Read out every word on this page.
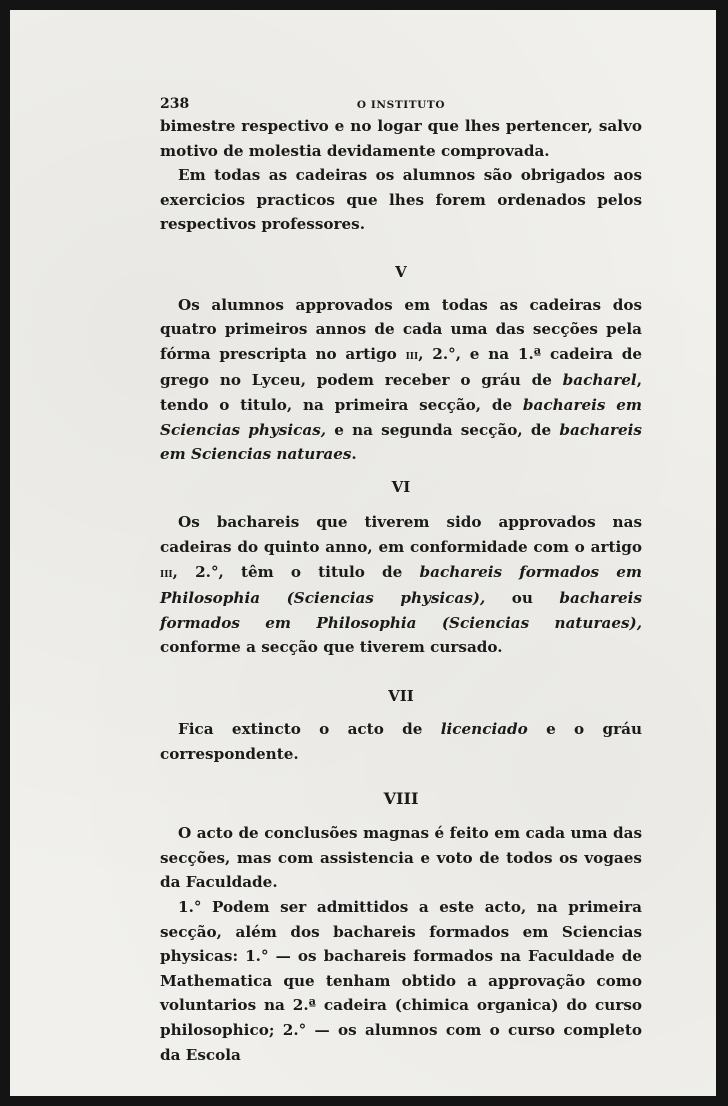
238	O INSTITUTO

bimestre respectivo e no logar que lhes pertencer, salvo motivo de molestia devidamente comprovada.

Em todas as cadeiras os alumnos são obrigados aos exercicios practicos que lhes forem ordenados pelos respectivos professores.

V

Os alumnos approvados em todas as cadeiras dos quatro primeiros annos de cada uma das secções pela fórma prescripta no artigo iii, 2.°, e na 1.ª cadeira de grego no Lyceu, podem receber o gráu de bacharel, tendo o titulo, na primeira secção, de bachareis em Sciencias physicas, e na segunda secção, de bachareis em Sciencias naturaes.

VI

Os bachareis que tiverem sido approvados nas cadeiras do quinto anno, em conformidade com o artigo iii, 2.°, têm o titulo de bachareis formados em Philosophia (Sciencias physicas), ou bachareis formados em Philosophia (Sciencias naturaes), conforme a secção que tiverem cursado.

VII

Fica extincto o acto de licenciado e o gráu correspondente.

VIII

O acto de conclusões magnas é feito em cada uma das secções, mas com assistencia e voto de todos os vogaes da Faculdade.

1.° Podem ser admittidos a este acto, na primeira secção, além dos bachareis formados em Sciencias physicas: 1.° — os bachareis formados na Faculdade de Mathematica que tenham obtido a approvação como voluntarios na 2.ª cadeira (chimica organica) do curso philosophico; 2.° — os alumnos com o curso completo da Escola
